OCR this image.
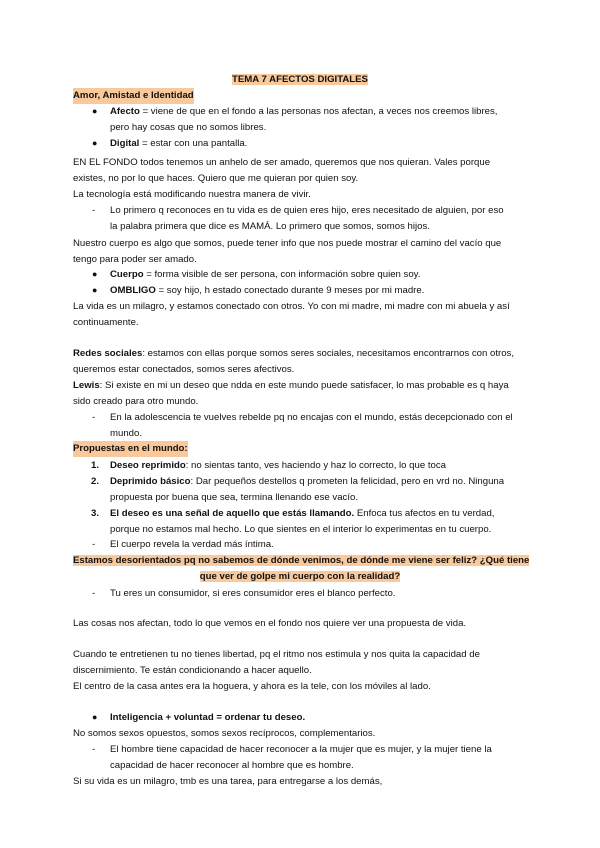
TEMA 7 AFECTOS DIGITALES
Amor, Amistad e Identidad
● Afecto = viene de que en el fondo a las personas nos afectan, a veces nos creemos libres,
pero hay cosas que no somos libres.
● Digital = estar con una pantalla.
EN EL FONDO todos tenemos un anhelo de ser amado, queremos que nos quieran. Vales porque
existes, no por lo que haces. Quiero que me quieran por quien soy.
La tecnología está modificando nuestra manera de vivir.
- Lo primero q reconoces en tu vida es de quien eres hijo, eres necesitado de alguien, por eso
la palabra primera que dice es MAMÁ. Lo primero que somos, somos hijos.
Nuestro cuerpo es algo que somos, puede tener info que nos puede mostrar el camino del vacío que
tengo para poder ser amado.
● Cuerpo = forma visible de ser persona, con información sobre quien soy.
● OMBLIGO = soy hijo, h estado conectado durante 9 meses por mi madre.
La vida es un milagro, y estamos conectado con otros. Yo con mi madre, mi madre con mi abuela y así
continuamente.
Redes sociales: estamos con ellas porque somos seres sociales, necesitamos encontrarnos con otros,
queremos estar conectados, somos seres afectivos.
Lewis: Si existe en mi un deseo que ndda en este mundo puede satisfacer, lo mas probable es q haya
sido creado para otro mundo.
- En la adolescencia te vuelves rebelde pq no encajas con el mundo, estás decepcionado con el
mundo.
Propuestas en el mundo:
1. Deseo reprimido: no sientas tanto, ves haciendo y haz lo correcto, lo que toca
2. Deprimido básico: Dar pequeños destellos q prometen la felicidad, pero en vrd no. Ninguna
propuesta por buena que sea, termina llenando ese vacío.
3. El deseo es una señal de aquello que estás llamando. Enfoca tus afectos en tu verdad,
porque no estamos mal hecho. Lo que sientes en el interior lo experimentas en tu cuerpo.
- El cuerpo revela la verdad más íntima.
Estamos desorientados pq no sabemos de dónde venimos, de dónde me viene ser feliz? ¿Qué tiene
que ver de golpe mi cuerpo con la realidad?
- Tu eres un consumidor, si eres consumidor eres el blanco perfecto.
Las cosas nos afectan, todo lo que vemos en el fondo nos quiere ver una propuesta de vida.
Cuando te entretienen tu no tienes libertad, pq el ritmo nos estimula y nos quita la capacidad de
discernimiento. Te están condicionando a hacer aquello.
El centro de la casa antes era la hoguera, y ahora es la tele, con los móviles al lado.
● Inteligencia + voluntad = ordenar tu deseo.
No somos sexos opuestos, somos sexos recíprocos, complementarios.
- El hombre tiene capacidad de hacer reconocer a la mujer que es mujer, y la mujer tiene la
capacidad de hacer reconocer al hombre que es hombre.
Si su vida es un milagro, tmb es una tarea, para entregarse a los demás,
